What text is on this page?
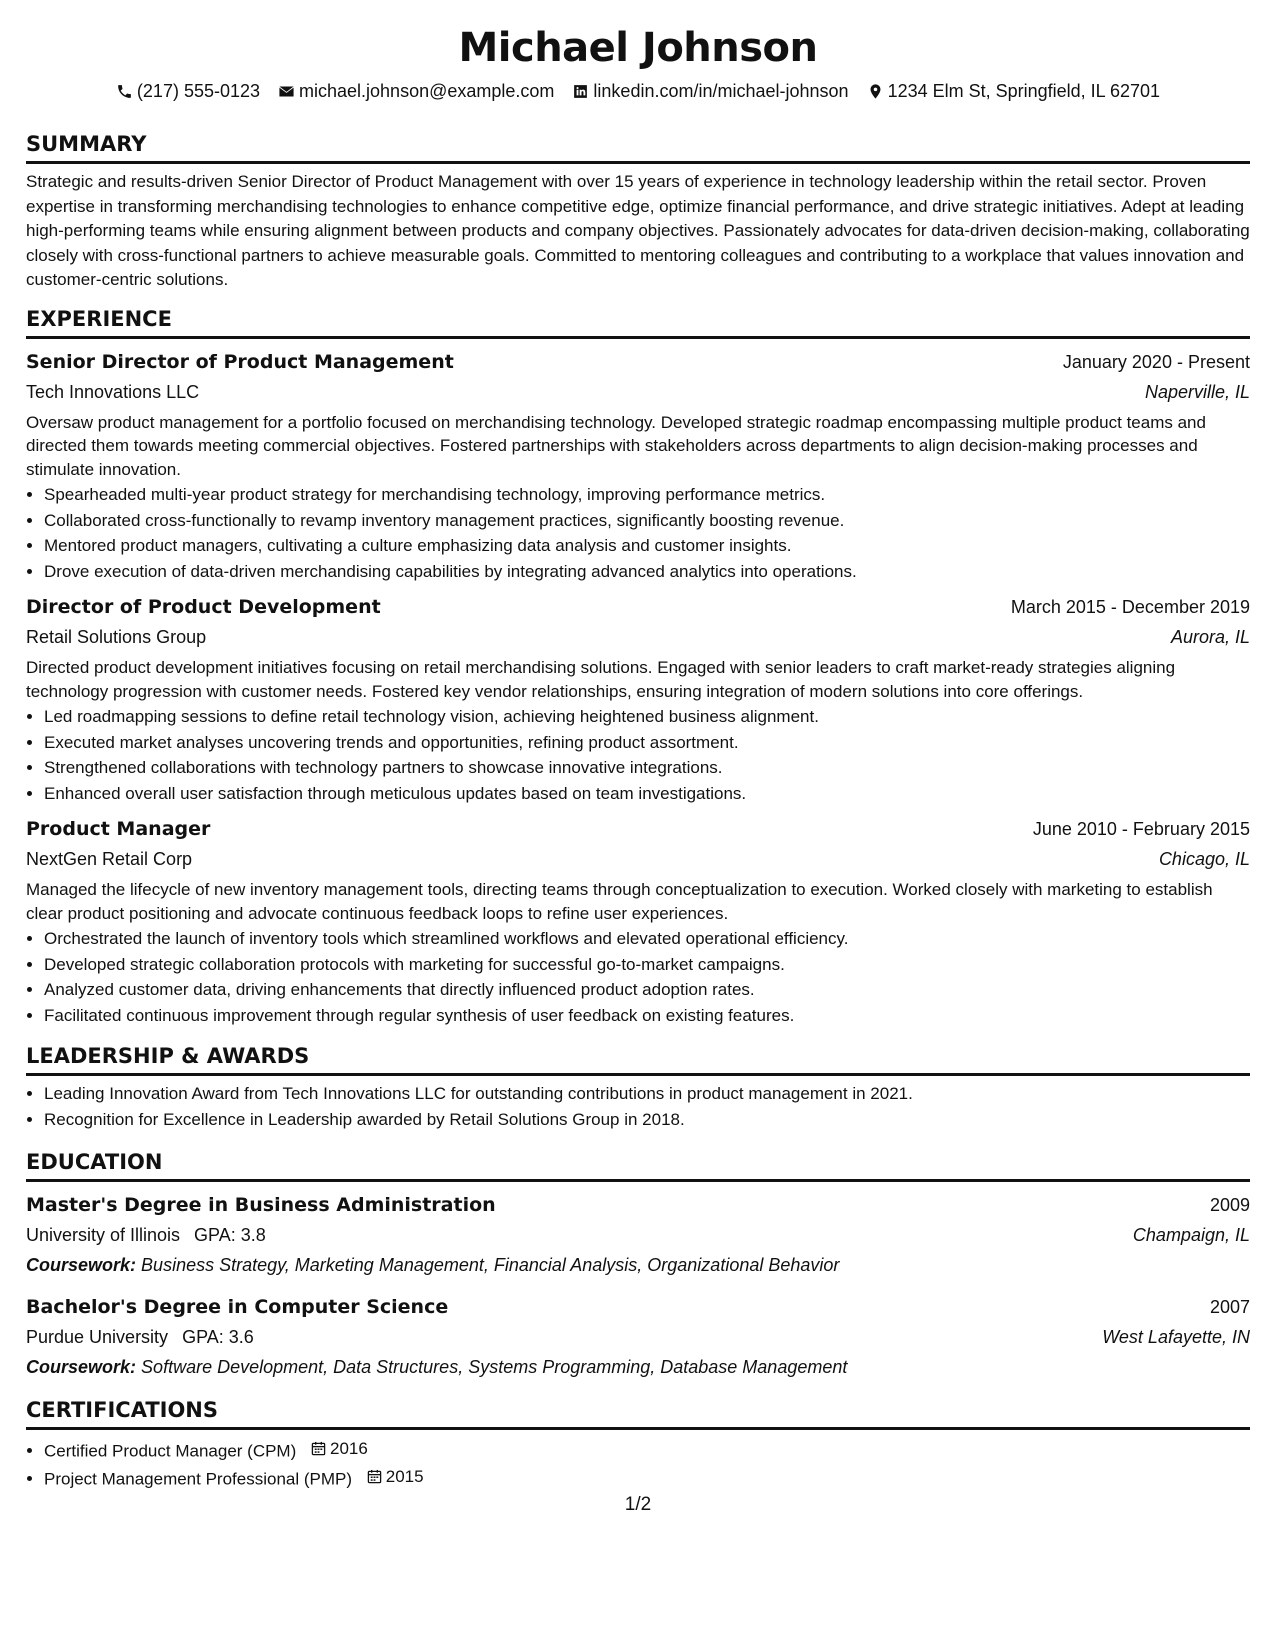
Michael Johnson
(217) 555-0123 michael.johnson@example.com linkedin.com/in/michael-johnson 1234 Elm St, Springfield, IL 62701
SUMMARY

Strategic and results-driven Senior Director of Product Management with over 15 years of experience in technology leadership within the retail sector. Proven expertise in transforming merchandising technologies to enhance competitive edge, optimize financial performance, and drive strategic initiatives. Adept at leading high-performing teams while ensuring alignment between products and company objectives. Passionately advocates for data-driven decision-making, collaborating closely with cross-functional partners to achieve measurable goals. Committed to mentoring colleagues and contributing to a workplace that values innovation and customer-centric solutions.

EXPERIENCE
Senior Director of Product Management	January 2020 - Present
Tech Innovations LLC	Naperville, IL

Oversaw product management for a portfolio focused on merchandising technology. Developed strategic roadmap encompassing multiple product teams and directed them towards meeting commercial objectives. Fostered partnerships with stakeholders across departments to align decision-making processes and stimulate innovation.

• Spearheaded multi-year product strategy for merchandising technology, improving performance metrics.
• Collaborated cross-functionally to revamp inventory management practices, significantly boosting revenue.
• Mentored product managers, cultivating a culture emphasizing data analysis and customer insights.
• Drove execution of data-driven merchandising capabilities by integrating advanced analytics into operations.
Director of Product Development	March 2015 - December 2019
Retail Solutions Group	Aurora, IL

Directed product development initiatives focusing on retail merchandising solutions. Engaged with senior leaders to craft market-ready strategies aligning technology progression with customer needs. Fostered key vendor relationships, ensuring integration of modern solutions into core offerings.

• Led roadmapping sessions to define retail technology vision, achieving heightened business alignment.
• Executed market analyses uncovering trends and opportunities, refining product assortment.
• Strengthened collaborations with technology partners to showcase innovative integrations.
• Enhanced overall user satisfaction through meticulous updates based on team investigations.
Product Manager	June 2010 - February 2015
NextGen Retail Corp	Chicago, IL

Managed the lifecycle of new inventory management tools, directing teams through conceptualization to execution. Worked closely with marketing to establish clear product positioning and advocate continuous feedback loops to refine user experiences.

• Orchestrated the launch of inventory tools which streamlined workflows and elevated operational efficiency.
• Developed strategic collaboration protocols with marketing for successful go-to-market campaigns.
• Analyzed customer data, driving enhancements that directly influenced product adoption rates.
• Facilitated continuous improvement through regular synthesis of user feedback on existing features.
LEADERSHIP & AWARDS
• Leading Innovation Award from Tech Innovations LLC for outstanding contributions in product management in 2021.
• Recognition for Excellence in Leadership awarded by Retail Solutions Group in 2018.
EDUCATION
Master's Degree in Business Administration	2009
University of Illinois GPA: 3.8	Champaign, IL
Coursework: Business Strategy, Marketing Management, Financial Analysis, Organizational Behavior
Bachelor's Degree in Computer Science	2007
Purdue University GPA: 3.6	West Lafayette, IN
Coursework: Software Development, Data Structures, Systems Programming, Database Management
CERTIFICATIONS
• Certified Product Manager (CPM) 2016
• Project Management Professional (PMP) 2015
1/2
